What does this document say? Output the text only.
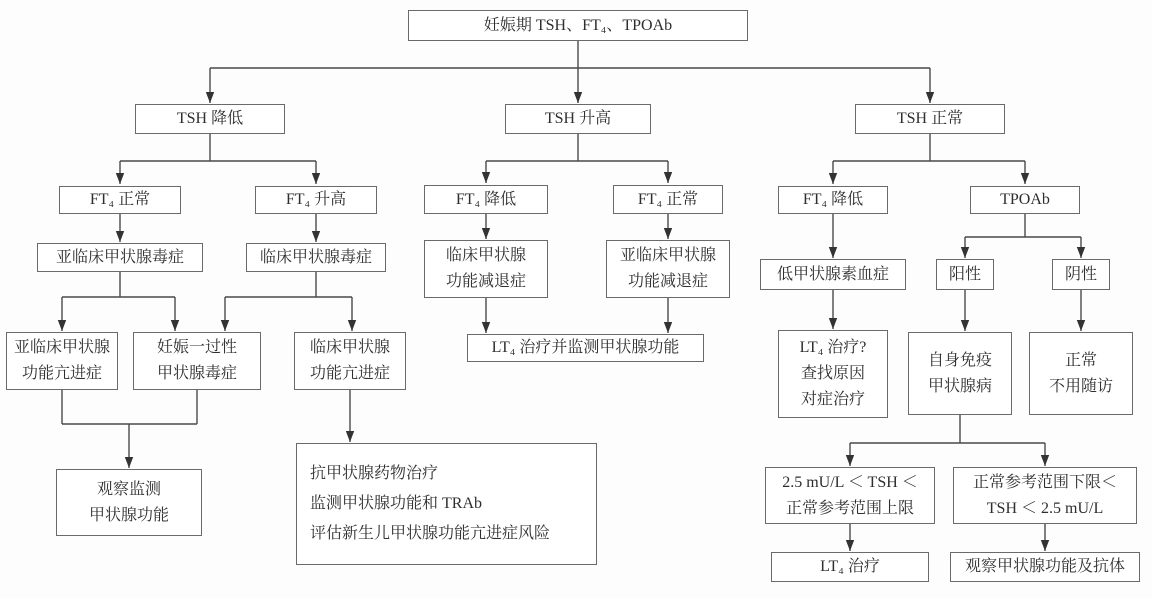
妊娠期 TSH、FT₄、TPOAb
TSH 降低	TSH 升高	TSH 正常
FT₄ 正常	FT₄ 升高	FT₄ 降低	FT₄ 正常	FT₄ 降低	TPOAb
亚临床甲状腺毒症	临床甲状腺毒症	临床甲状腺
功能减退症
亚临床甲状腺
功能减退症	低甲状腺素血症	阳性	阴性
亚临床甲状腺
功能亢进症
妊娠一过性
甲状腺毒症
临床甲状腺
功能亢进症
LT₄ 治疗并监测甲状腺功能	LT₄ 治疗?
查找原因
对症治疗
自身免疫
甲状腺病
正常
不用随访
观察监测
甲状腺功能
抗甲状腺药物治疗
监测甲状腺功能和 TRAb
评估新生儿甲状腺功能亢进症风险
2.5 mU/L ＜ TSH ＜
正常参考范围上限
正常参考范围下限＜
TSH ＜ 2.5 mU/L
LT₄ 治疗	观察甲状腺功能及抗体
